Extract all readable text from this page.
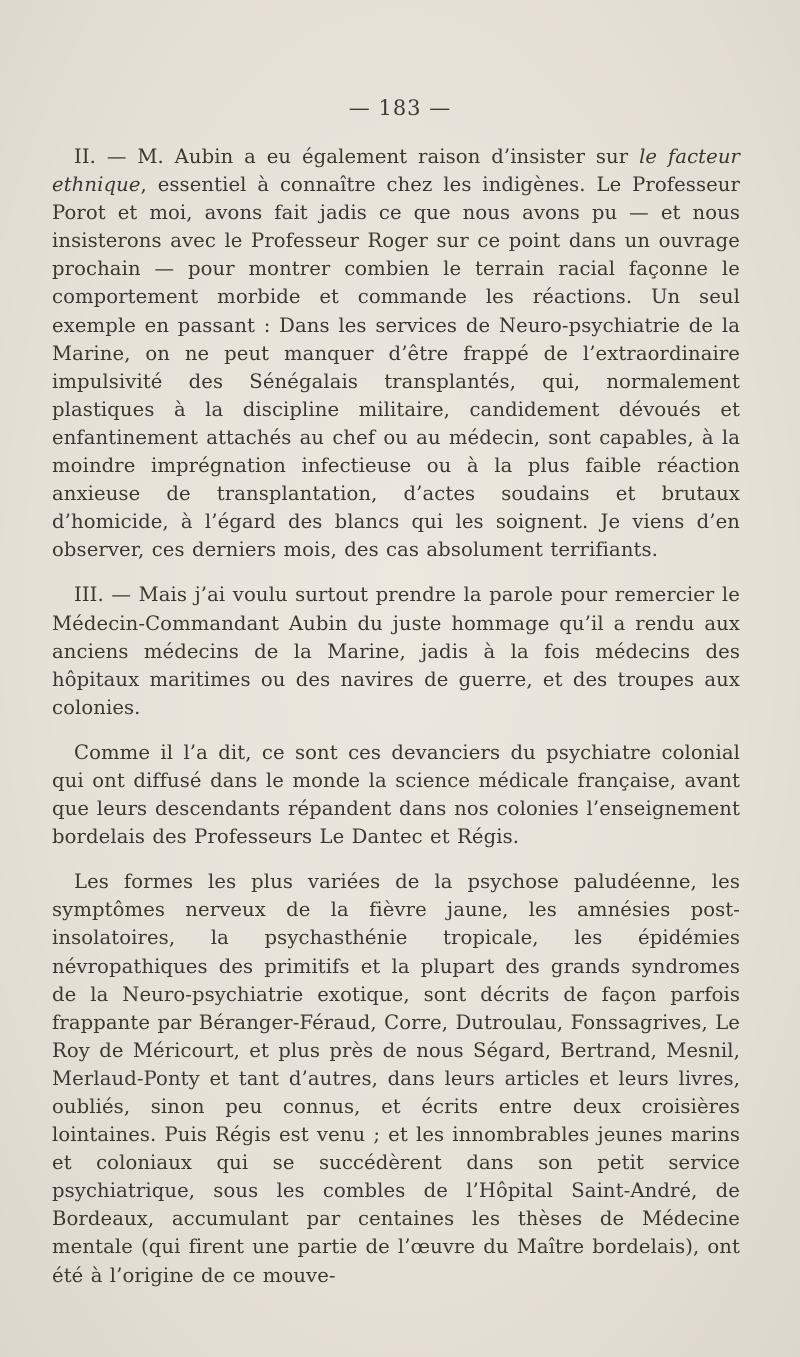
— 183 —

II. — M. Aubin a eu également raison d’insister sur le facteur ethnique, essentiel à connaître chez les indigènes. Le Professeur Porot et moi, avons fait jadis ce que nous avons pu — et nous insisterons avec le Professeur Roger sur ce point dans un ouvrage prochain — pour montrer combien le terrain racial façonne le comportement morbide et commande les réactions. Un seul exemple en passant : Dans les services de Neuro-psychiatrie de la Marine, on ne peut manquer d’être frappé de l’extraordinaire impulsivité des Sénégalais transplantés, qui, normalement plastiques à la discipline militaire, candidement dévoués et enfantinement attachés au chef ou au médecin, sont capables, à la moindre imprégnation infectieuse ou à la plus faible réaction anxieuse de transplantation, d’actes soudains et brutaux d’homicide, à l’égard des blancs qui les soignent. Je viens d’en observer, ces derniers mois, des cas absolument terrifiants.

III. — Mais j’ai voulu surtout prendre la parole pour remercier le Médecin-Commandant Aubin du juste hommage qu’il a rendu aux anciens médecins de la Marine, jadis à la fois médecins des hôpitaux maritimes ou des navires de guerre, et des troupes aux colonies.

Comme il l’a dit, ce sont ces devanciers du psychiatre colonial qui ont diffusé dans le monde la science médicale française, avant que leurs descendants répandent dans nos colonies l’enseignement bordelais des Professeurs Le Dantec et Régis.

Les formes les plus variées de la psychose paludéenne, les symptômes nerveux de la fièvre jaune, les amnésies post-insolatoires, la psychasthénie tropicale, les épidémies névropathiques des primitifs et la plupart des grands syndromes de la Neuro-psychiatrie exotique, sont décrits de façon parfois frappante par Béranger-Féraud, Corre, Dutroulau, Fonssagrives, Le Roy de Méricourt, et plus près de nous Ségard, Bertrand, Mesnil, Merlaud-Ponty et tant d’autres, dans leurs articles et leurs livres, oubliés, sinon peu connus, et écrits entre deux croisières lointaines. Puis Régis est venu ; et les innombrables jeunes marins et coloniaux qui se succédèrent dans son petit service psychiatrique, sous les combles de l’Hôpital Saint-André, de Bordeaux, accumulant par centaines les thèses de Médecine mentale (qui firent une partie de l’œuvre du Maître bordelais), ont été à l’origine de ce mouve-
